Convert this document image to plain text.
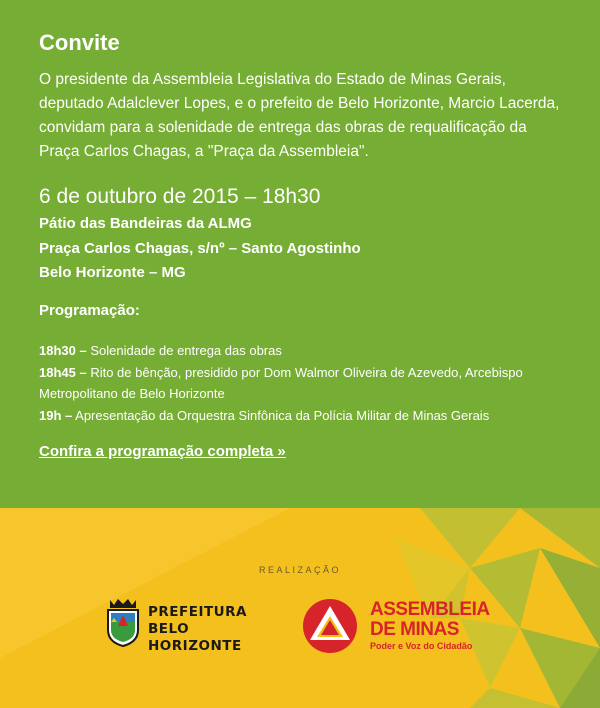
Convite

O presidente da Assembleia Legislativa do Estado de Minas Gerais, deputado Adalclever Lopes, e o prefeito de Belo Horizonte, Marcio Lacerda, convidam para a solenidade de entrega das obras de requalificação da Praça Carlos Chagas, a "Praça da Assembleia".

6 de outubro de 2015 – 18h30

Pátio das Bandeiras da ALMG
Praça Carlos Chagas, s/nº – Santo Agostinho
Belo Horizonte – MG

Programação:

18h30 – Solenidade de entrega das obras
18h45 – Rito de bênção, presidido por Dom Walmor Oliveira de Azevedo, Arcebispo Metropolitano de Belo Horizonte
19h – Apresentação da Orquestra Sinfônica da Polícia Militar de Minas Gerais
Confira a programação completa »
REALIZAÇÃO
PREFEITURA
BELO HORIZONTE
ASSEMBLEIA
DE MINAS
Poder e Voz do Cidadão
